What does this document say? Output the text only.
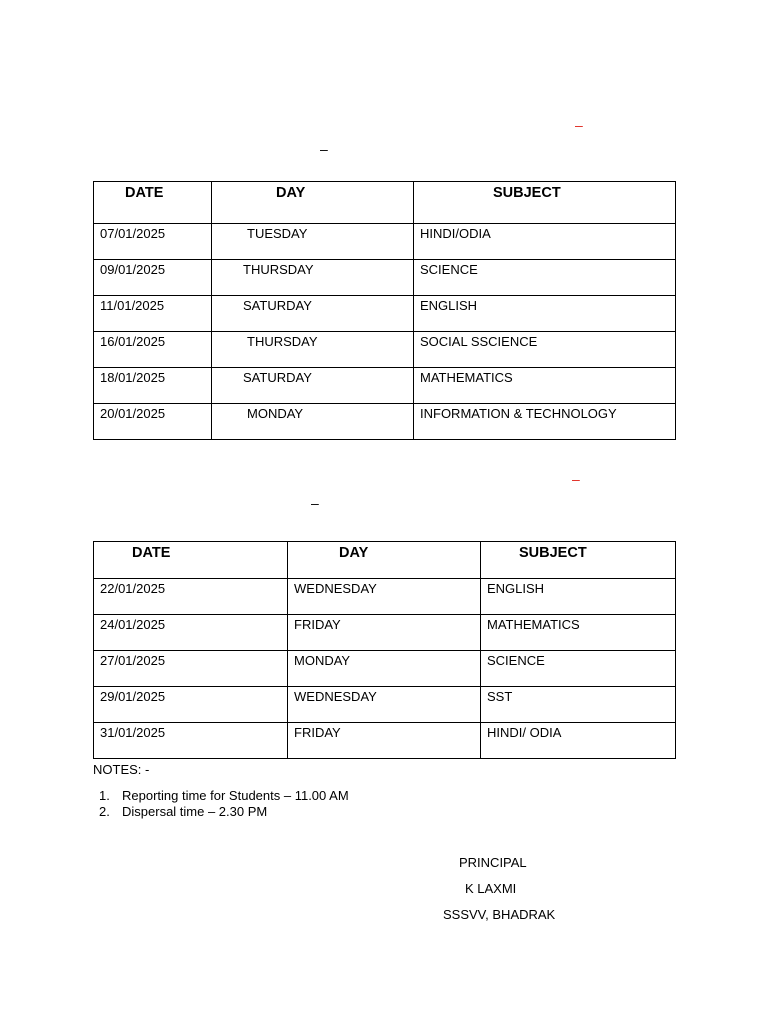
–
–
DATE	DAY	SUBJECT

07/01/2025	TUESDAY	HINDI/ODIA

09/01/2025	THURSDAY	SCIENCE

11/01/2025	SATURDAY	ENGLISH

16/01/2025	THURSDAY	SOCIAL SSCIENCE

18/01/2025	SATURDAY	MATHEMATICS

20/01/2025	MONDAY	INFORMATION & TECHNOLOGY
–
–
DATE	DAY	SUBJECT

22/01/2025	WEDNESDAY	ENGLISH

24/01/2025	FRIDAY	MATHEMATICS

27/01/2025	MONDAY	SCIENCE

29/01/2025	WEDNESDAY	SST

31/01/2025	FRIDAY	HINDI/ ODIA
NOTES: -
1. Reporting time for Students – 11.00 AM
2. Dispersal time – 2.30 PM
PRINCIPAL
K LAXMI
SSSVV, BHADRAK
